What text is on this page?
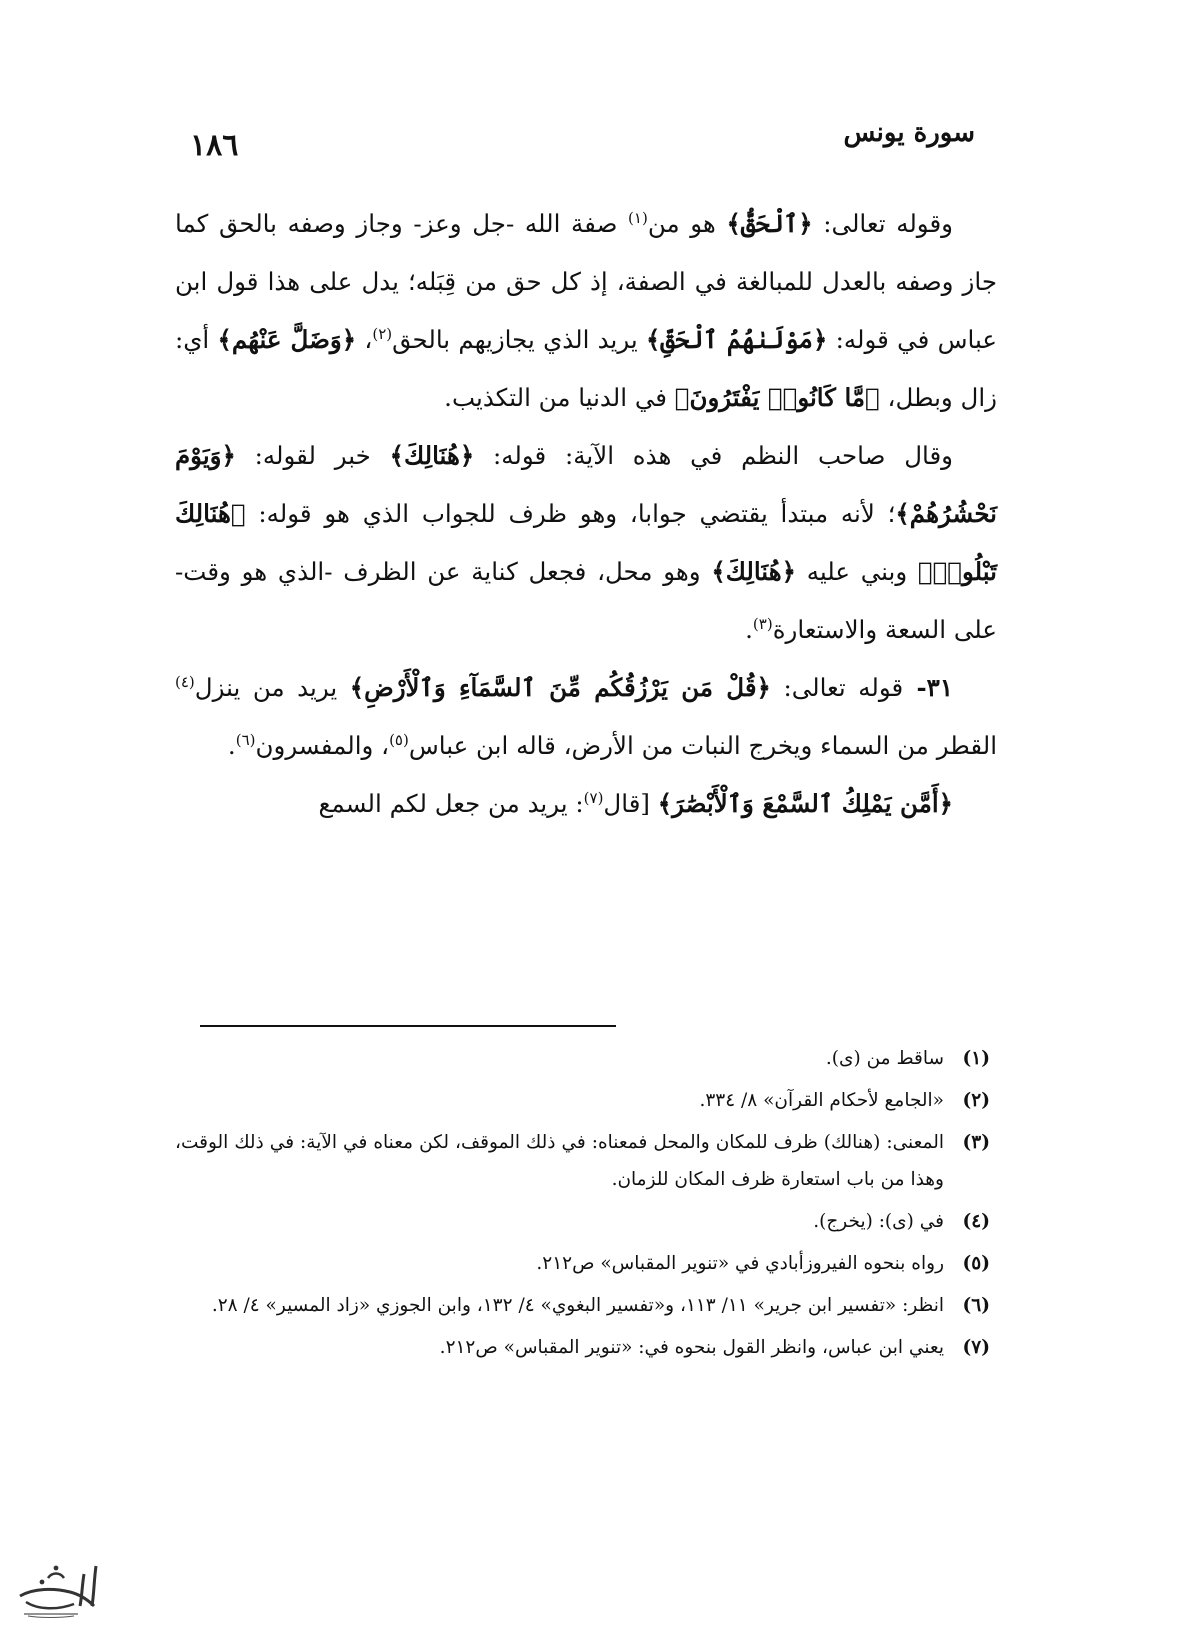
١٨٦	سورة يونس

وقوله تعالى: ﴿ٱلْحَقُّ﴾ هو من$^{(١)}$ صفة الله -جل وعز- وجاز وصفه بالحق كما جاز وصفه بالعدل للمبالغة في الصفة، إذ كل حق من قِبَله؛ يدل على هذا قول ابن عباس في قوله: ﴿مَوْلَىٰهُمُ ٱلْحَقِّ﴾ يريد الذي يجازيهم بالحق$^{(٢)}$، ﴿وَضَلَّ عَنْهُم﴾ أي: زال وبطل، ﴿مَّا كَانُوا۟ يَفْتَرُونَ﴾ في الدنيا من التكذيب.

وقال صاحب النظم في هذه الآية: قوله: ﴿هُنَالِكَ﴾ خبر لقوله: ﴿وَيَوْمَ نَحْشُرُهُمْ﴾؛ لأنه مبتدأ يقتضي جوابا، وهو ظرف للجواب الذي هو قوله: ﴿هُنَالِكَ تَبْلُوا۟﴾ وبني عليه ﴿هُنَالِكَ﴾ وهو محل، فجعل كناية عن الظرف -الذي هو وقت- على السعة والاستعارة$^{(٣)}$.

٣١- قوله تعالى: ﴿قُلْ مَن يَرْزُقُكُم مِّنَ ٱلسَّمَآءِ وَٱلْأَرْضِ﴾ يريد من ينزل$^{(٤)}$ القطر من السماء ويخرج النبات من الأرض، قاله ابن عباس$^{(٥)}$، والمفسرون$^{(٦)}$.

﴿أَمَّن يَمْلِكُ ٱلسَّمْعَ وَٱلْأَبْصَٰرَ﴾ [قال$^{(٧)}$: يريد من جعل لكم السمع

(١)
ساقط من (ى).
(٢)
«الجامع لأحكام القرآن» ٨/ ٣٣٤.
(٣)
المعنى: (هنالك) ظرف للمكان والمحل فمعناه: في ذلك الموقف، لكن معناه في الآية: في ذلك الوقت، وهذا من باب استعارة ظرف المكان للزمان.
(٤)
في (ى): (يخرج).
(٥)
رواه بنحوه الفيروزأبادي في «تنوير المقباس» ص٢١٢.
(٦)
انظر: «تفسير ابن جرير» ١١/ ١١٣، و«تفسير البغوي» ٤/ ١٣٢، وابن الجوزي «زاد المسير» ٤/ ٢٨.
(٧)
يعني ابن عباس، وانظر القول بنحوه في: «تنوير المقباس» ص٢١٢.
